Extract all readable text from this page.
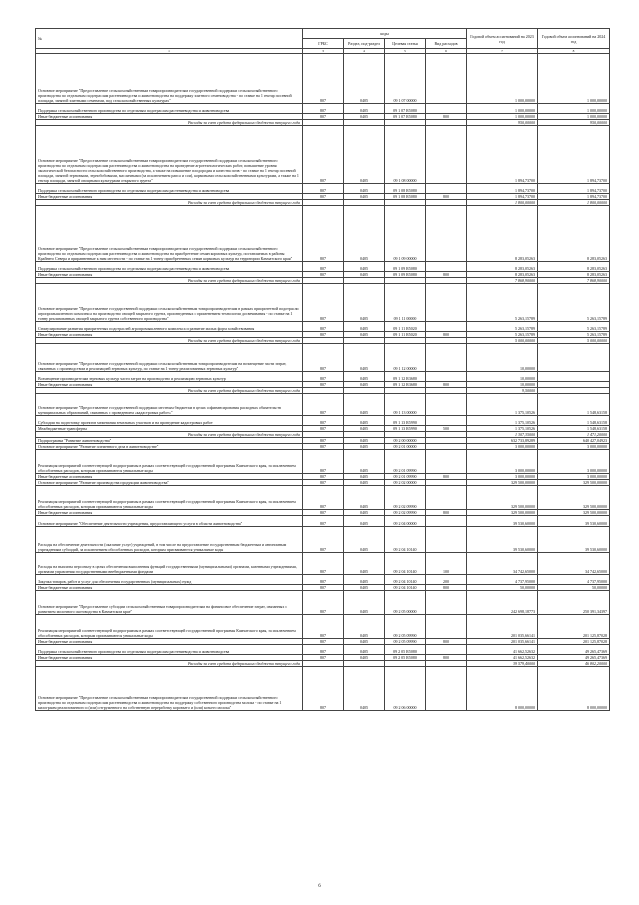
№	коды				Годовой объем ассигнований на 2023 год	Годовой объем ассигнований на 2024 год
	ГРБС	Раздел, под-раздел	Целевая статья	Вид расходов		
1	3	4	5	6	7	8
Основное мероприятие "Предоставление сельскохозяйственным товаропроизводителям государственной поддержки сельскохозяйственного производства по отдельным подотраслям растениеводства и животноводства на поддержку элитного семеноводства - по ставке на 1 гектар посевной площади, занятой элитными семенами, под сельскохозяйственных культурах"	807	0405	09 1 07 00000		1 000,00000	1 000,00000
Поддержка сельскохозяйственного производства по отдельным подотраслям растениеводства и животноводства	807	0405	09 1 07 R5080		1 000,00000	1 000,00000
Иные бюджетные ассигнования	807	0405	09 1 07 R5080	800	1 000,00000	1 000,00000
Расходы за счет средств федерального бюджета текущего года					950,00000	950,00000
Основное мероприятие "Предоставление сельскохозяйственным товаропроизводителям государственной поддержки сельскохозяйственного производства по отдельным подотраслям растениеводства и животноводства на проведение агротехнологических работ, повышение уровня экологической безопасности сельскохозяйственного производства, а также на повышение плодородия и качества почв - по ставке на 1 гектар посевной площади, занятой зерновыми, зернобобовыми, масличными (за исключением рапса и сои), кормовыми сельскохозяйственными культурами, а также на 1 гектар площади, занятой овощными культурами открытого грунта"	807	0405	09 1 08 00000		1 894,73700	1 894,73700
Поддержка сельскохозяйственного производства по отдельным подотраслям растениеводства и животноводства	807	0405	09 1 08 R5080		1 894,73700	1 894,73700
Иные бюджетные ассигнования	807	0405	09 1 08 R5080	800	1 894,73700	1 894,73700
Расходы за счет средств федерального бюджета текущего года					1 800,00000	1 800,00000
Основное мероприятие "Предоставление сельскохозяйственным товаропроизводителям государственной поддержки сельскохозяйственного производства по отдельным подотраслям растениеводства и животноводства на приобретение семян кормовых культур, поставляемых в районы Крайнего Севера и приравненные к ним местности - по ставке на 1 тонну приобретенных семян кормовых культур на территории Камчатского края"	807	0405	09 1 09 00000		8 283,05263	8 283,05263
Поддержка сельскохозяйственного производства по отдельным подотраслям растениеводства и животноводства	807	0405	09 1 09 R5080		8 283,05263	8 283,05263
Иные бюджетные ассигнования	807	0405	09 1 09 R5080	800	8 283,05263	8 283,05263
Расходы за счет средств федерального бюджета текущего года					7 868,90000	7 868,90000
Основное мероприятие "Предоставление государственной поддержки сельскохозяйственным товаропроизводителям в рамках приоритетной подотрасли агропромышленного комплекса на производство овощей закрытого грунта, произведенных с применением технологии досвечивания - по ставке на 1 тонну реализованных овощей закрытого грунта собственного производства"	807	0405	09 1 11 00000		5 263,15789	5 263,15789
Стимулирование развития приоритетных подотраслей агропромышленного комплекса и развитие малых форм хозяйствования	807	0405	09 1 11 R5020		5 263,15789	5 263,15789
Иные бюджетные ассигнования	807	0405	09 1 11 R5020	800	5 263,15789	5 263,15789
Расходы за счет средств федерального бюджета текущего года					5 000,00000	5 000,00000
Основное мероприятие "Предоставление государственной поддержки сельскохозяйственным товаропроизводителям на возмещение части затрат, связанных с производством и реализацией зерновых культур, по ставке на 1 тонну реализованных зерновых культур"	807	0405	09 1 12 00000		10,00000	
Возмещение производителям зерновых культур части затрат на производство и реализацию зерновых культур	807	0405	09 1 12 R3680		10,00000	
Иные бюджетные ассигнования	807	0405	09 1 12 R3680	800	10,00000	
Расходы за счет средств федерального бюджета текущего года					9,50000	
Основное мероприятие "Предоставление государственной поддержки местным бюджетам в целях софинансирования расходных обязательств муниципальных образований, связанных с проведением «кадастровых работ»"	807	0405	09 1 13 00000		1 375,10526	1 548,63158
Субсидии на подготовку проектов межевания земельных участков и на проведение кадастровых работ	807	0405	09 1 13 R5990		1 375,10526	1 548,63158
Межбюджетные трансферты	807	0405	09 1 13 R5990	500	1 375,10526	1 548,63158
Расходы за счет средств федерального бюджета текущего года					1 307,35000	1 471,20000
Подпрограмма "Развитие животноводства"	807	0405	09 2 00 00000		632 733,89289	640 427,04923
Основное мероприятие "Развитие племенного дела в животноводстве"	807	0405	09 2 01 00000		3 000,00000	3 000,00000
Реализация мероприятий соответствующей подпрограммы в рамках соответствующей государственной программы Камчатского края, за исключением обособленных расходов, которым присваиваются уникальные коды	807	0405	09 2 01 09990		3 000,00000	3 000,00000
Иные бюджетные ассигнования	807	0405	09 2 01 09990	800	3 000,00000	3 000,00000
Основное мероприятие "Развитие производства продукции животноводства"	807	0405	09 2 02 00000		329 500,00000	329 500,00000
Реализация мероприятий соответствующей подпрограммы в рамках соответствующей государственной программы Камчатского края, за исключением обособленных расходов, которым присваиваются уникальные коды	807	0405	09 2 02 09990		329 500,00000	329 500,00000
Иные бюджетные ассигнования	807	0405	09 2 02 09990	800	329 500,00000	329 500,00000
Основное мероприятие "Обеспечение деятельности учреждения, предоставляющего услуги в области животноводства"	807	0405	09 2 04 00000		39 530,60000	39 530,60000
Расходы на обеспечение деятельности (оказание услуг) учреждений, в том числе на предоставление государственным бюджетным и автономным учреждениям субсидий, за исключением обособленных расходов, которым присваиваются уникальные коды	807	0405	09 2 04 10140		39 530,60000	39 530,60000
Расходы на выплаты персоналу в целях обеспечения выполнения функций государственными (муниципальными) органами, казенными учреждениями, органами управления государственными внебюджетными фондами	807	0405	09 2 04 10140	100	34 742,65000	34 742,65000
Закупка товаров, работ и услуг для обеспечения государственных (муниципальных) нужд	807	0405	09 2 04 10140	200	4 737,95000	4 737,95000
Иные бюджетные ассигнования	807	0405	09 2 04 10140	800	50,00000	50,00000
Основное мероприятие "Предоставление субсидии сельскохозяйственным товаропроизводителям на финансовое обеспечение затрат, связанных с развитием молочного скотоводства в Камчатском крае"	807	0405	09 2 05 00000		242 698,18773	250 391,34397
Реализация мероприятий соответствующей подпрограммы в рамках соответствующей государственной программы Камчатского края, за исключением обособленных расходов, которым присваиваются уникальные коды	807	0405	09 2 05 09990		201 035,66141	201 125,87028
Иные бюджетные ассигнования	807	0405	09 2 05 09990	800	201 035,66141	201 125,87028
Поддержка сельскохозяйственного производства по отдельным подотраслям растениеводства и животноводства	807	0405	09 2 05 R5080		41 662,52632	49 265,47369
Иные бюджетные ассигнования	807	0405	09 2 05 R5080	800	41 662,52632	49 265,47369
Расходы за счет средств федерального бюджета текущего года					39 579,40000	46 802,20000
Основное мероприятие "Предоставление сельскохозяйственным товаропроизводителям государственной поддержки сельскохозяйственного производства по отдельным подотраслям растениеводства и животноводства на поддержку собственного производства молока - по ставке на 1 килограмм реализованного и (или) отгруженного на собственную переработку коровьего и (или) козьего молока"	807	0405	09 2 06 00000		8 000,00000	8 000,00000
6
